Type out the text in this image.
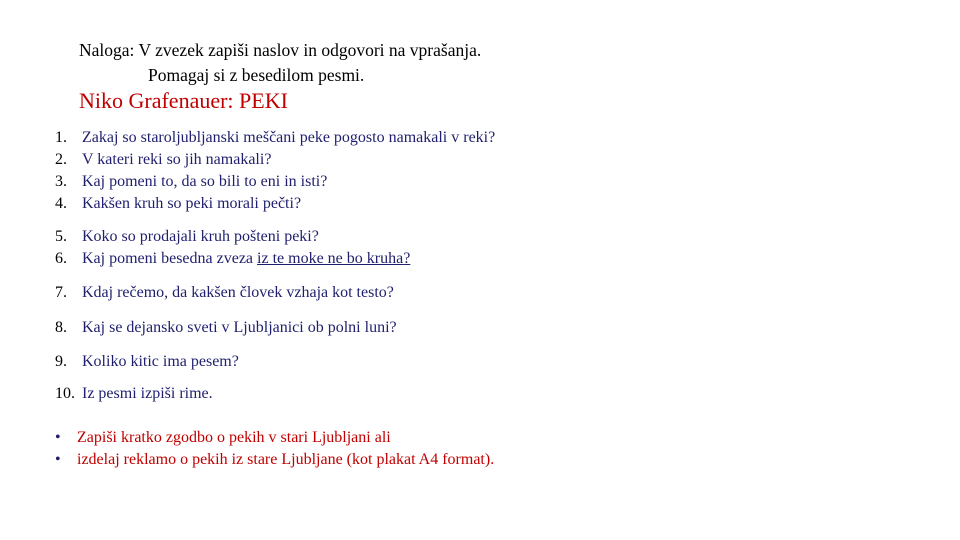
Naloga: V zvezek zapiši naslov in odgovori na vprašanja.
Pomagaj si z besedilom pesmi.
Niko Grafenauer: PEKI
1. Zakaj so staroljubljanski meščani peke pogosto namakali v reki?
2. V kateri reki so jih namakali?
3. Kaj pomeni to, da so bili to eni in isti?
4. Kakšen kruh so peki morali pečti?
5. Koko so prodajali kruh pošteni peki?
6. Kaj pomeni besedna zveza iz te moke ne bo kruha?
7. Kdaj rečemo, da kakšen človek vzhaja kot testo?
8. Kaj se dejansko sveti v Ljubljanici ob polni luni?
9. Koliko kitic ima pesem?
10. Iz pesmi izpiši rime.
• Zapiši kratko zgodbo o pekih v stari Ljubljani ali
• izdelaj reklamo o pekih iz stare Ljubljane (kot plakat A4 format).
